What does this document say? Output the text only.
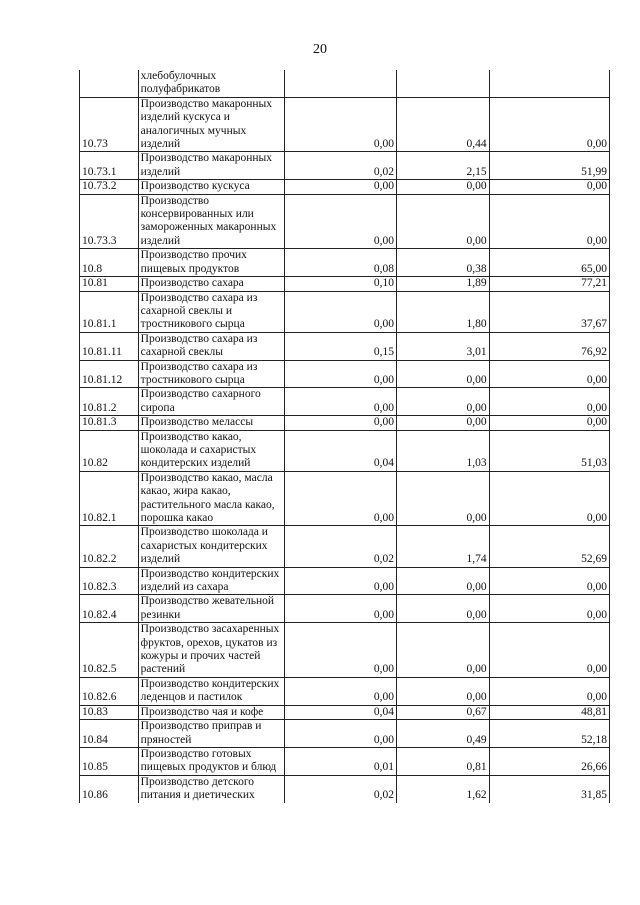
20
	хлебобулочных полуфабрикатов			
10.73	Производство макаронных изделий кускуса и аналогичных мучных изделий	0,00	0,44	0,00
10.73.1	Производство макаронных изделий	0,02	2,15	51,99
10.73.2	Производство кускуса	0,00	0,00	0,00
10.73.3	Производство консервированных или замороженных макаронных изделий	0,00	0,00	0,00
10.8	Производство прочих пищевых продуктов	0,08	0,38	65,00
10.81	Производство сахара	0,10	1,89	77,21
10.81.1	Производство сахара из сахарной свеклы и тростникового сырца	0,00	1,80	37,67
10.81.11	Производство сахара из сахарной свеклы	0,15	3,01	76,92
10.81.12	Производство сахара из тростникового сырца	0,00	0,00	0,00
10.81.2	Производство сахарного сиропа	0,00	0,00	0,00
10.81.3	Производство мелассы	0,00	0,00	0,00
10.82	Производство какао, шоколада и сахаристых кондитерских изделий	0,04	1,03	51,03
10.82.1	Производство какао, масла какао, жира какао, растительного масла какао, порошка какао	0,00	0,00	0,00
10.82.2	Производство шоколада и сахаристых кондитерских изделий	0,02	1,74	52,69
10.82.3	Производство кондитерских изделий из сахара	0,00	0,00	0,00
10.82.4	Производство жевательной резинки	0,00	0,00	0,00
10.82.5	Производство засахаренных фруктов, орехов, цукатов из кожуры и прочих частей растений	0,00	0,00	0,00
10.82.6	Производство кондитерских леденцов и пастилок	0,00	0,00	0,00
10.83	Производство чая и кофе	0,04	0,67	48,81
10.84	Производство приправ и пряностей	0,00	0,49	52,18
10.85	Производство готовых пищевых продуктов и блюд	0,01	0,81	26,66
10.86	Производство детского питания и диетических	0,02	1,62	31,85
